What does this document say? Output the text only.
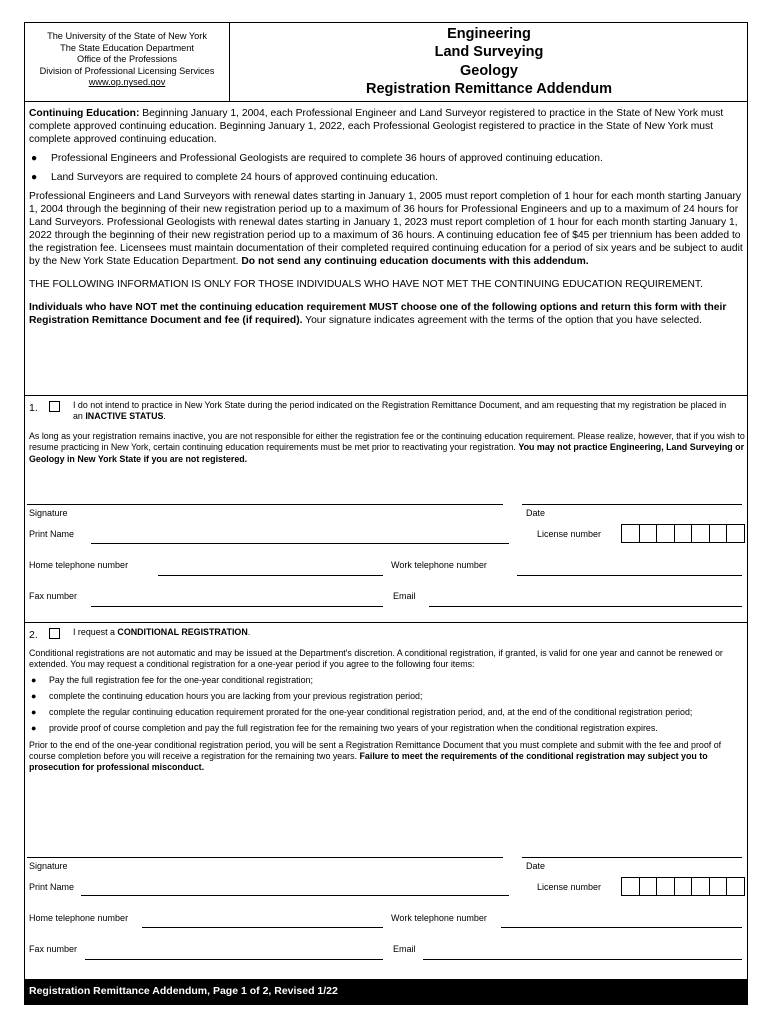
The University of the State of New York
The State Education Department
Office of the Professions
Division of Professional Licensing Services
www.op.nysed.gov
Engineering
Land Surveying
Geology
Registration Remittance Addendum

Continuing Education: Beginning January 1, 2004, each Professional Engineer and Land Surveyor registered to practice in the State of New York must complete approved continuing education. Beginning January 1, 2022, each Professional Geologist registered to practice in the State of New York must complete approved continuing education.

● Professional Engineers and Professional Geologists are required to complete 36 hours of approved continuing education.
● Land Surveyors are required to complete 24 hours of approved continuing education.

Professional Engineers and Land Surveyors with renewal dates starting in January 1, 2005 must report completion of 1 hour for each month starting January 1, 2004 through the beginning of their new registration period up to a maximum of 36 hours for Professional Engineers and up to a maximum of 24 hours for Land Surveyors. Professional Geologists with renewal dates starting in January 1, 2023 must report completion of 1 hour for each month starting January 1, 2022 through the beginning of their new registration period up to a maximum of 36 hours. A continuing education fee of $45 per triennium has been added to the registration fee. Licensees must maintain documentation of their completed required continuing education for a period of six years and be subject to audit by the New York State Education Department. Do not send any continuing education documents with this addendum.

THE FOLLOWING INFORMATION IS ONLY FOR THOSE INDIVIDUALS WHO HAVE NOT MET THE CONTINUING EDUCATION REQUIREMENT.

Individuals who have NOT met the continuing education requirement MUST choose one of the following options and return this form with their Registration Remittance Document and fee (if required). Your signature indicates agreement with the terms of the option that you have selected.

1.	I do not intend to practice in New York State during the period indicated on the Registration Remittance Document, and am requesting that my registration be placed in an INACTIVE STATUS.

As long as your registration remains inactive, you are not responsible for either the registration fee or the continuing education requirement. Please realize, however, that if you wish to resume practicing in New York, certain continuing education requirements must be met prior to reactivating your registration. You may not practice Engineering, Land Surveying or Geology in New York State if you are not registered.

Signature	Date
Print Name	License number
Home telephone number	Work telephone number
Fax number	Email
2.	I request a CONDITIONAL REGISTRATION.

Conditional registrations are not automatic and may be issued at the Department's discretion. A conditional registration, if granted, is valid for one year and cannot be renewed or extended. You may request a conditional registration for a one-year period if you agree to the following four items:

● Pay the full registration fee for the one-year conditional registration;
● complete the continuing education hours you are lacking from your previous registration period;
● complete the regular continuing education requirement prorated for the one-year conditional registration period, and, at the end of the conditional registration period;
● provide proof of course completion and pay the full registration fee for the remaining two years of your registration when the conditional registration expires.

Prior to the end of the one-year conditional registration period, you will be sent a Registration Remittance Document that you must complete and submit with the fee and proof of course completion before you will receive a registration for the remaining two years. Failure to meet the requirements of the conditional registration may subject you to prosecution for professional misconduct.

Signature	Date
Print Name	License number
Home telephone number	Work telephone number
Fax number	Email
Registration Remittance Addendum, Page 1 of 2, Revised 1/22
